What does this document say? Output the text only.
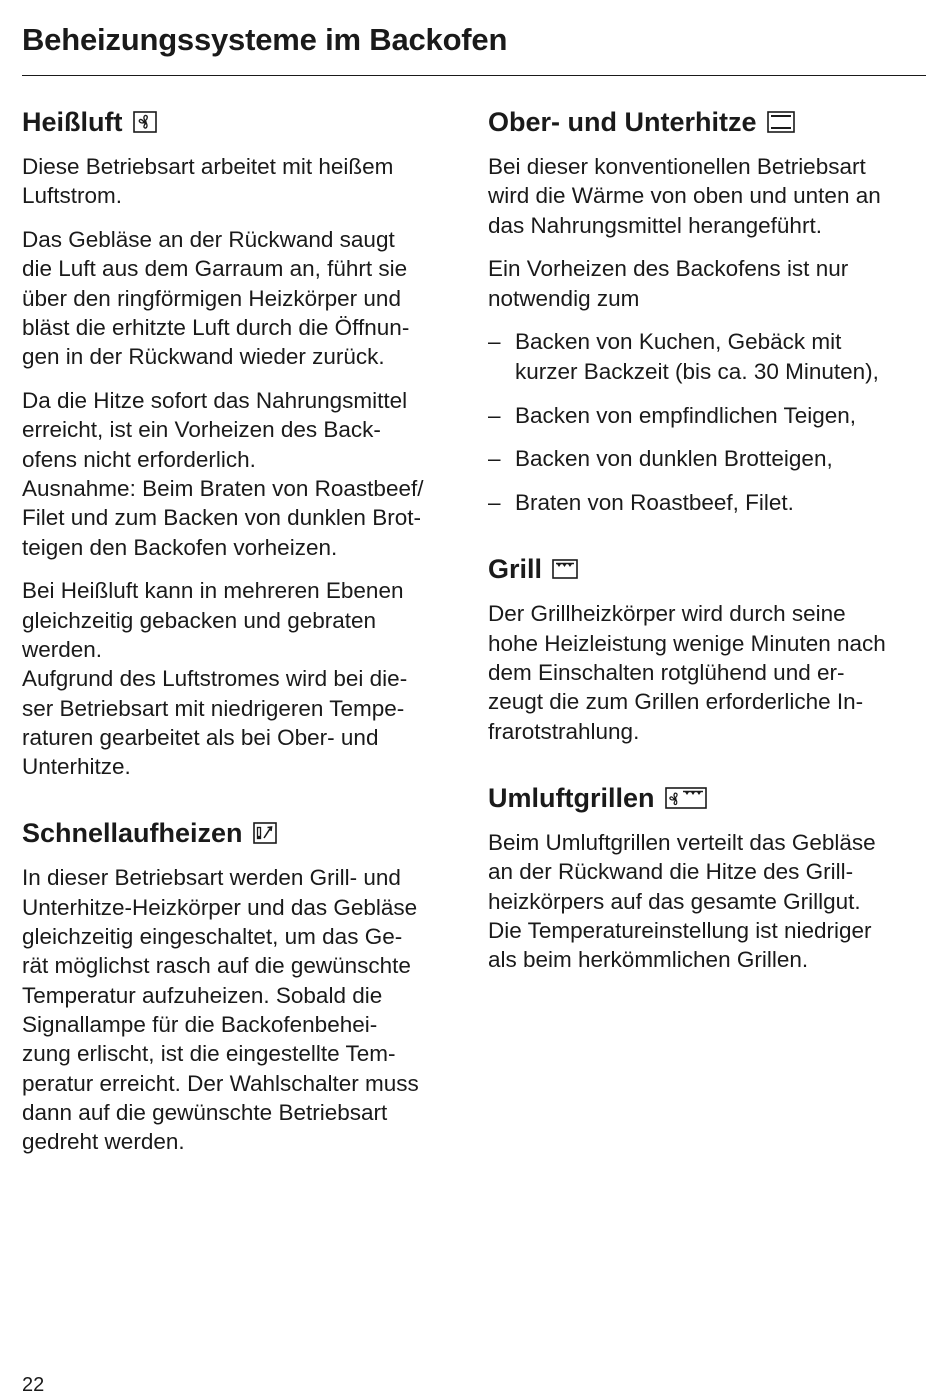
Beheizungssysteme im Backofen
Heißluft

Diese Betriebsart arbeitet mit heißem
Luftstrom.

Das Gebläse an der Rückwand saugt
die Luft aus dem Garraum an, führt sie
über den ringförmigen Heizkörper und
bläst die erhitzte Luft durch die Öffnun-
gen in der Rückwand wieder zurück.

Da die Hitze sofort das Nahrungsmittel
erreicht, ist ein Vorheizen des Back-
ofens nicht erforderlich.
Ausnahme: Beim Braten von Roastbeef/
Filet und zum Backen von dunklen Brot-
teigen den Backofen vorheizen.

Bei Heißluft kann in mehreren Ebenen
gleichzeitig gebacken und gebraten
werden.
Aufgrund des Luftstromes wird bei die-
ser Betriebsart mit niedrigeren Tempe-
raturen gearbeitet als bei Ober- und
Unterhitze.

Schnellaufheizen

In dieser Betriebsart werden Grill- und
Unterhitze-Heizkörper und das Gebläse
gleichzeitig eingeschaltet, um das Ge-
rät möglichst rasch auf die gewünschte
Temperatur aufzuheizen. Sobald die
Signallampe für die Backofenbehei-
zung erlischt, ist die eingestellte Tem-
peratur erreicht. Der Wahlschalter muss
dann auf die gewünschte Betriebsart
gedreht werden.

Ober- und Unterhitze

Bei dieser konventionellen Betriebsart
wird die Wärme von oben und unten an
das Nahrungsmittel herangeführt.

Ein Vorheizen des Backofens ist nur
notwendig zum

– Backen von Kuchen, Gebäck mit
kurzer Backzeit (bis ca. 30 Minuten),
– Backen von empfindlichen Teigen,
– Backen von dunklen Brotteigen,
– Braten von Roastbeef, Filet.
Grill

Der Grillheizkörper wird durch seine
hohe Heizleistung wenige Minuten nach
dem Einschalten rotglühend und er-
zeugt die zum Grillen erforderliche In-
frarotstrahlung.

Umluftgrillen

Beim Umluftgrillen verteilt das Gebläse
an der Rückwand die Hitze des Grill-
heizkörpers auf das gesamte Grillgut.
Die Temperatureinstellung ist niedriger
als beim herkömmlichen Grillen.

22
